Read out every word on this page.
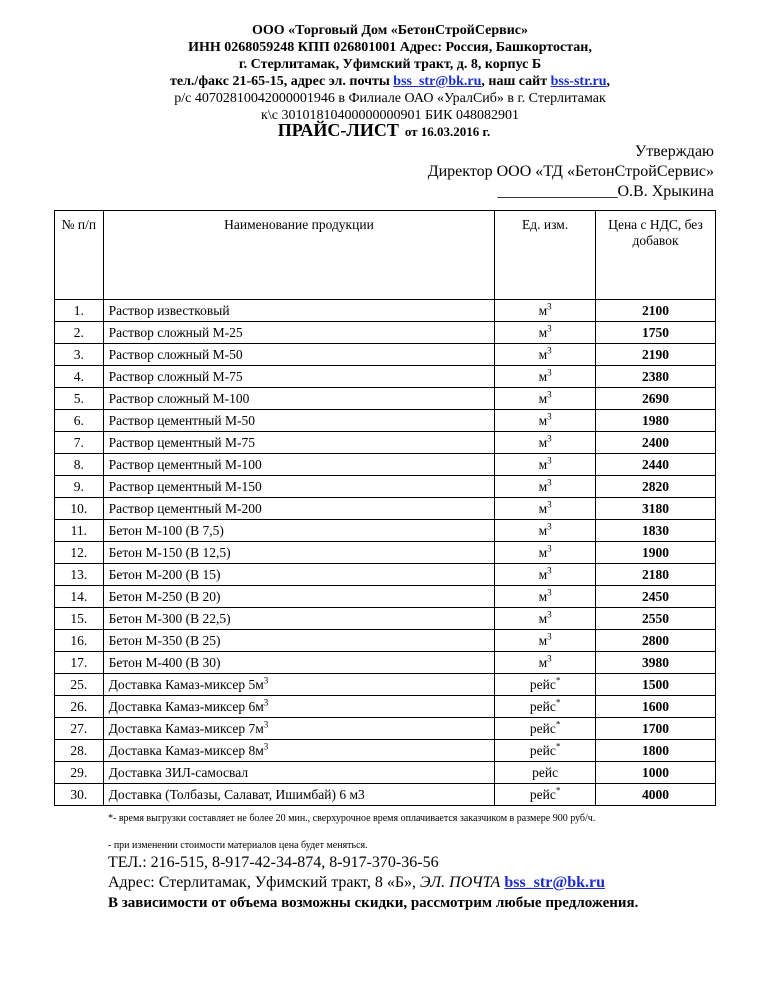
ООО «Торговый Дом «БетонСтройСервис»
ИНН 0268059248 КПП 026801001 Адрес: Россия, Башкортостан,
г. Стерлитамак, Уфимский тракт, д. 8, корпус Б
тел./факс 21-65-15, адрес эл. почты bss_str@bk.ru, наш сайт bss-str.ru,
р/с 40702810042000001946 в Филиале ОАО «УралСиб» в г. Стерлитамак
к\с 30101810400000000901 БИК 048082901
ПРАЙС-ЛИСТ от 16.03.2016 г.
Утверждаю
Директор ООО «ТД «БетонСтройСервис»
_______________О.В. Хрыкина
№ п/п	Наименование продукции	Ед. изм.	Цена с НДС, без добавок
1.	Раствор известковый	$м^3$	2100
2.	Раствор сложный М-25	$м^3$	1750
3.	Раствор сложный М-50	$м^3$	2190
4.	Раствор сложный М-75	$м^3$	2380
5.	Раствор сложный М-100	$м^3$	2690
6.	Раствор цементный М-50	$м^3$	1980
7.	Раствор цементный М-75	$м^3$	2400
8.	Раствор цементный М-100	$м^3$	2440
9.	Раствор цементный М-150	$м^3$	2820
10.	Раствор цементный М-200	$м^3$	3180
11.	Бетон М-100 (В 7,5)	$м^3$	1830
12.	Бетон М-150 (В 12,5)	$м^3$	1900
13.	Бетон М-200 (В 15)	$м^3$	2180
14.	Бетон М-250 (В 20)	$м^3$	2450
15.	Бетон М-300 (В 22,5)	$м^3$	2550
16.	Бетон М-350 (В 25)	$м^3$	2800
17.	Бетон М-400 (В 30)	$м^3$	3980
25.	Доставка Камаз-миксер $5м^3$	рейс*	1500
26.	Доставка Камаз-миксер $6м^3$	рейс*	1600
27.	Доставка Камаз-миксер $7м^3$	рейс*	1700
28.	Доставка Камаз-миксер $8м^3$	рейс*	1800
29.	Доставка ЗИЛ-самосвал	рейс	1000
30.	Доставка (Толбазы, Салават, Ишимбай) 6 м3	рейс*	4000
*- время выгрузки составляет не более 20 мин., сверхурочное время оплачивается заказчиком в размере 900 руб/ч.
- при изменении стоимости материалов цена будет меняться.
ТЕЛ.: 216-515, 8-917-42-34-874, 8-917-370-36-56
Адрес: Стерлитамак, Уфимский тракт, 8 «Б», ЭЛ. ПОЧТА bss_str@bk.ru
В зависимости от объема возможны скидки, рассмотрим любые предложения.
